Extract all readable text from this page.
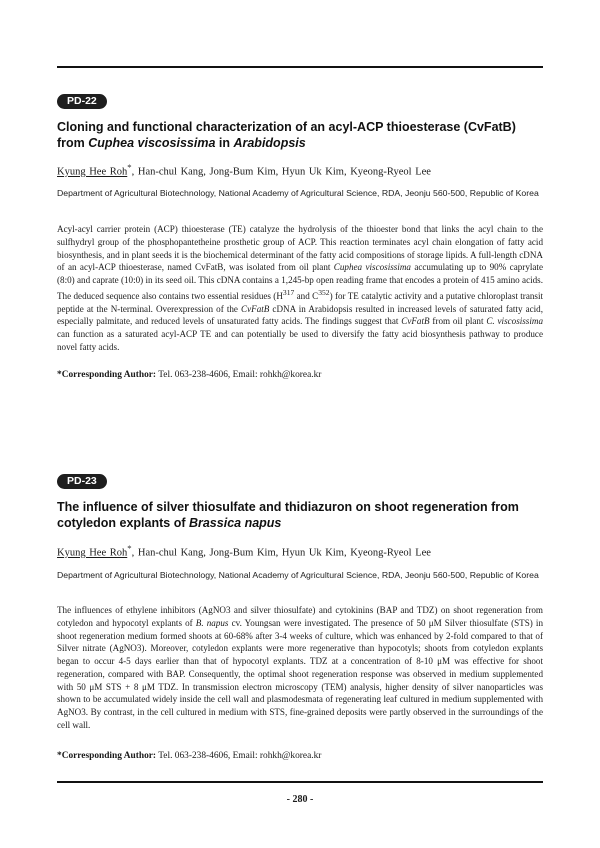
PD-22
Cloning and functional characterization of an acyl-ACP thioesterase (CvFatB) from Cuphea viscosissima in Arabidopsis
Kyung Hee Roh*, Han-chul Kang, Jong-Bum Kim, Hyun Uk Kim, Kyeong-Ryeol Lee
Department of Agricultural Biotechnology, National Academy of Agricultural Science, RDA, Jeonju 560-500, Republic of Korea
Acyl-acyl carrier protein (ACP) thioesterase (TE) catalyze the hydrolysis of the thioester bond that links the acyl chain to the sulfhydryl group of the phosphopantetheine prosthetic group of ACP. This reaction terminates acyl chain elongation of fatty acid biosynthesis, and in plant seeds it is the biochemical determinant of the fatty acid compositions of storage lipids. A full-length cDNA of an acyl-ACP thioesterase, named CvFatB, was isolated from oil plant Cuphea viscosissima accumulating up to 90% caprylate (8:0) and caprate (10:0) in its seed oil. This cDNA contains a 1,245-bp open reading frame that encodes a protein of 415 amino acids. The deduced sequence also contains two essential residues ($H^{317}$ and $C^{352}$) for TE catalytic activity and a putative chloroplast transit peptide at the N-terminal. Overexpression of the CvFatB cDNA in Arabidopsis resulted in increased levels of saturated fatty acid, especially palmitate, and reduced levels of unsaturated fatty acids. The findings suggest that CvFatB from oil plant C. viscosissima can function as a saturated acyl-ACP TE and can potentially be used to diversify the fatty acid biosynthesis pathway to produce novel fatty acids.
*Corresponding Author: Tel. 063-238-4606, Email: rohkh@korea.kr
PD-23
The influence of silver thiosulfate and thidiazuron on shoot regeneration from cotyledon explants of Brassica napus
Kyung Hee Roh*, Han-chul Kang, Jong-Bum Kim, Hyun Uk Kim, Kyeong-Ryeol Lee
Department of Agricultural Biotechnology, National Academy of Agricultural Science, RDA, Jeonju 560-500, Republic of Korea
The influences of ethylene inhibitors (AgNO3 and silver thiosulfate) and cytokinins (BAP and TDZ) on shoot regeneration from cotyledon and hypocotyl explants of B. napus cv. Youngsan were investigated. The presence of 50 μM Silver thiosulfate (STS) in shoot regeneration medium formed shoots at 60-68% after 3-4 weeks of culture, which was enhanced by 2-fold compared to that of Silver nitrate (AgNO3). Moreover, cotyledon explants were more regenerative than hypocotyls; shoots from cotyledon explants began to occur 4-5 days earlier than that of hypocotyl explants. TDZ at a concentration of 8-10 μM was effective for shoot regeneration, compared with BAP. Consequently, the optimal shoot regeneration response was observed in medium supplemented with 50 μM STS + 8 μM TDZ. In transmission electron microscopy (TEM) analysis, higher density of silver nanoparticles was shown to be accumulated widely inside the cell wall and plasmodesmata of regenerating leaf cultured in medium supplemented with AgNO3. By contrast, in the cell cultured in medium with STS, fine-grained deposits were partly observed in the surroundings of the cell wall.
*Corresponding Author: Tel. 063-238-4606, Email: rohkh@korea.kr
- 280 -
